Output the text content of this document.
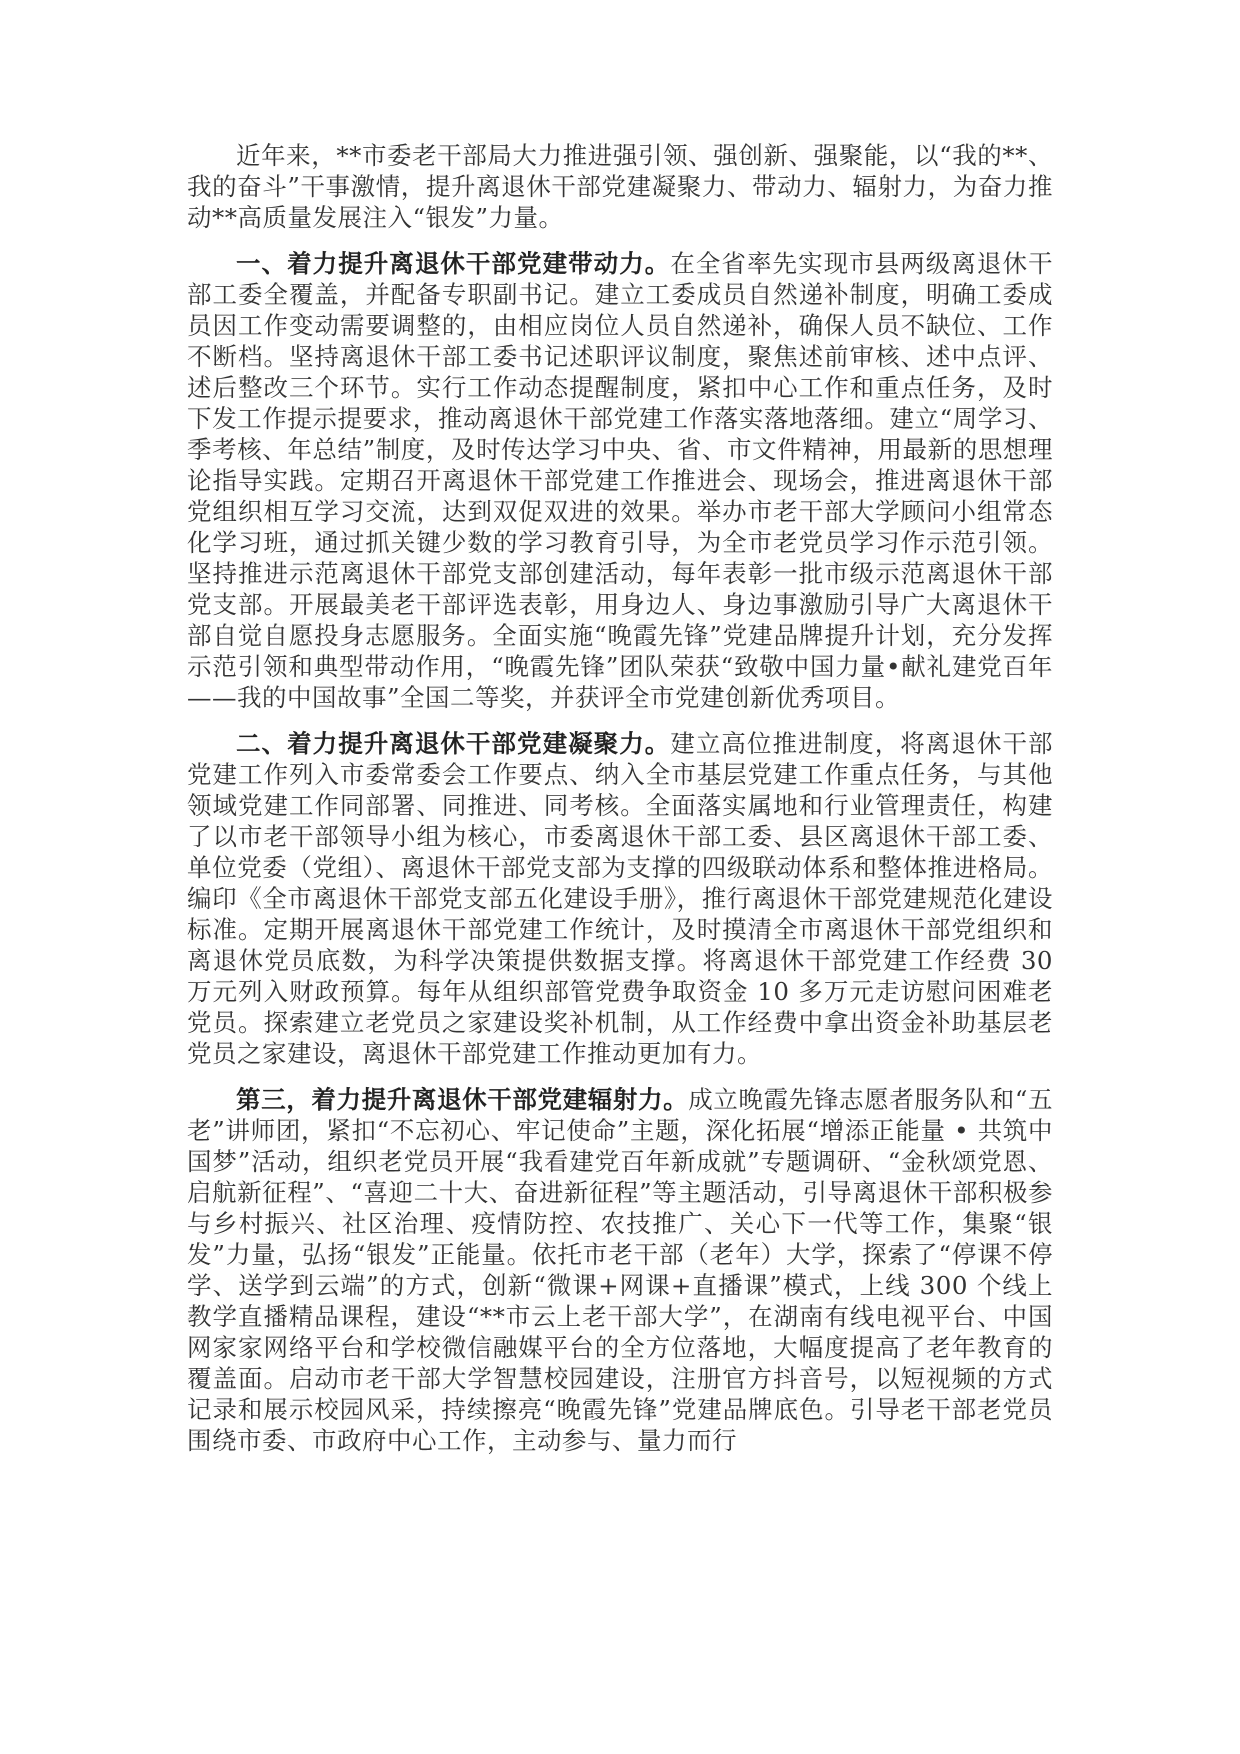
近年来，**市委老干部局大力推进强引领、强创新、强聚能，以“我的**、我的奋斗”干事激情，提升离退休干部党建凝聚力、带动力、辐射力，为奋力推动**高质量发展注入“银发”力量。

一、着力提升离退休干部党建带动力。在全省率先实现市县两级离退休干部工委全覆盖，并配备专职副书记。建立工委成员自然递补制度，明确工委成员因工作变动需要调整的，由相应岗位人员自然递补，确保人员不缺位、工作不断档。坚持离退休干部工委书记述职评议制度，聚焦述前审核、述中点评、述后整改三个环节。实行工作动态提醒制度，紧扣中心工作和重点任务，及时下发工作提示提要求，推动离退休干部党建工作落实落地落细。建立“周学习、季考核、年总结”制度，及时传达学习中央、省、市文件精神，用最新的思想理论指导实践。定期召开离退休干部党建工作推进会、现场会，推进离退休干部党组织相互学习交流，达到双促双进的效果。举办市老干部大学顾问小组常态化学习班，通过抓关键少数的学习教育引导，为全市老党员学习作示范引领。坚持推进示范离退休干部党支部创建活动，每年表彰一批市级示范离退休干部党支部。开展最美老干部评选表彰，用身边人、身边事激励引导广大离退休干部自觉自愿投身志愿服务。全面实施“晚霞先锋”党建品牌提升计划，充分发挥示范引领和典型带动作用，“晚霞先锋”团队荣获“致敬中国力量•献礼建党百年——我的中国故事”全国二等奖，并获评全市党建创新优秀项目。

二、着力提升离退休干部党建凝聚力。建立高位推进制度，将离退休干部党建工作列入市委常委会工作要点、纳入全市基层党建工作重点任务，与其他领域党建工作同部署、同推进、同考核。全面落实属地和行业管理责任，构建了以市老干部领导小组为核心，市委离退休干部工委、县区离退休干部工委、单位党委（党组）、离退休干部党支部为支撑的四级联动体系和整体推进格局。编印《全市离退休干部党支部五化建设手册》，推行离退休干部党建规范化建设标准。定期开展离退休干部党建工作统计，及时摸清全市离退休干部党组织和离退休党员底数，为科学决策提供数据支撑。将离退休干部党建工作经费 30 万元列入财政预算。每年从组织部管党费争取资金 10 多万元走访慰问困难老党员。探索建立老党员之家建设奖补机制，从工作经费中拿出资金补助基层老党员之家建设，离退休干部党建工作推动更加有力。

第三，着力提升离退休干部党建辐射力。成立晚霞先锋志愿者服务队和“五老”讲师团，紧扣“不忘初心、牢记使命”主题，深化拓展“增添正能量 • 共筑中国梦”活动，组织老党员开展“我看建党百年新成就”专题调研、“金秋颂党恩、启航新征程”、“喜迎二十大、奋进新征程”等主题活动，引导离退休干部积极参与乡村振兴、社区治理、疫情防控、农技推广、关心下一代等工作，集聚“银发”力量，弘扬“银发”正能量。依托市老干部（老年）大学，探索了“停课不停学、送学到云端”的方式，创新“微课+网课+直播课”模式，上线 300 个线上教学直播精品课程，建设“**市云上老干部大学”，在湖南有线电视平台、中国网家家网络平台和学校微信融媒平台的全方位落地，大幅度提高了老年教育的覆盖面。启动市老干部大学智慧校园建设，注册官方抖音号，以短视频的方式记录和展示校园风采，持续擦亮“晚霞先锋”党建品牌底色。引导老干部老党员围绕市委、市政府中心工作，主动参与、量力而行
